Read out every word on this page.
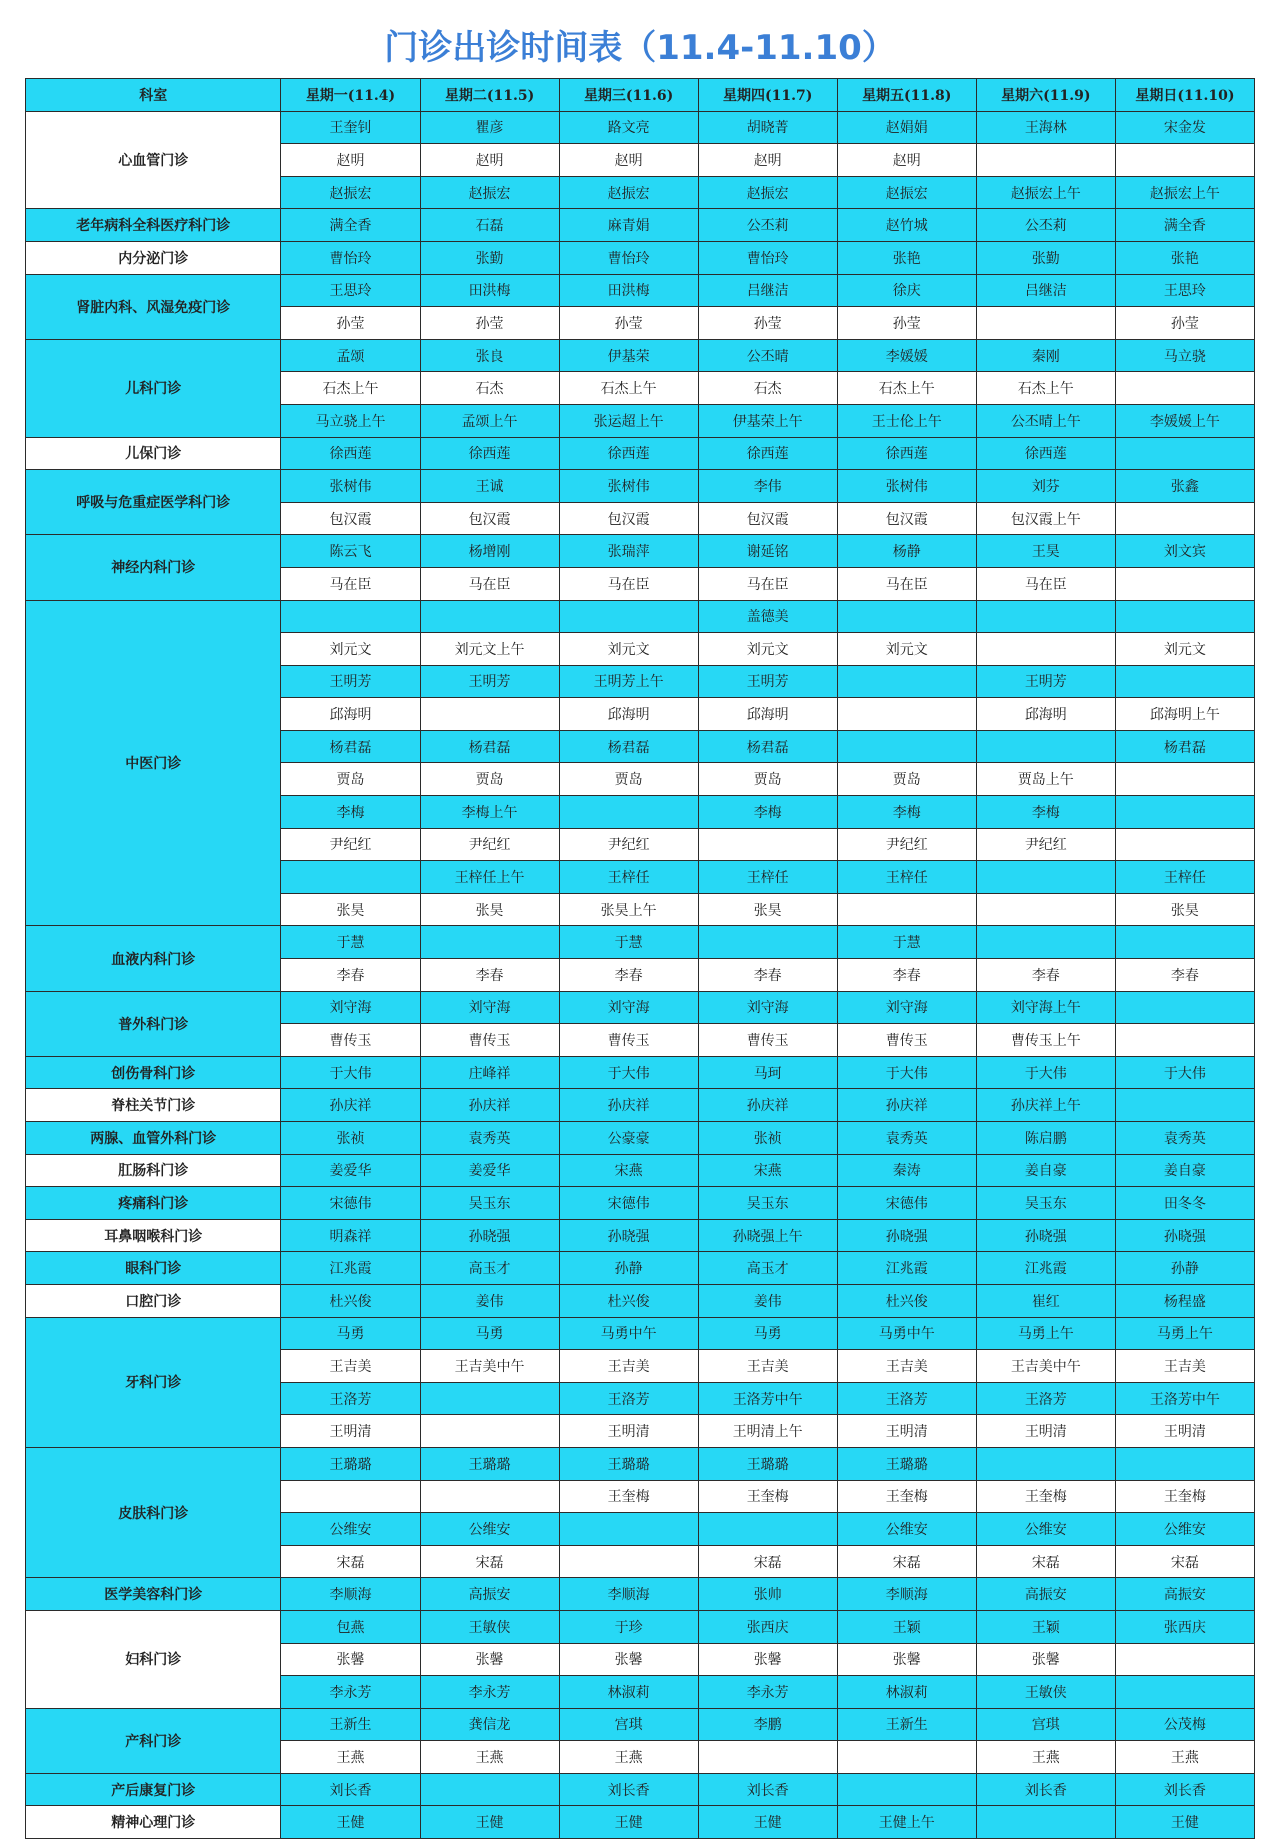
门诊出诊时间表（11.4-11.10）
科室	星期一(11.4)	星期二(11.5)	星期三(11.6)	星期四(11.7)	星期五(11.8)	星期六(11.9)	星期日(11.10)
心血管门诊	王奎钊	瞿彦	路文亮	胡晓菁	赵娟娟	王海林	宋金发
	赵明	赵明	赵明	赵明	赵明		
	赵振宏	赵振宏	赵振宏	赵振宏	赵振宏	赵振宏上午	赵振宏上午
老年病科全科医疗科门诊	满全香	石磊	麻青娟	公丕莉	赵竹城	公丕莉	满全香
内分泌门诊	曹怡玲	张勤	曹怡玲	曹怡玲	张艳	张勤	张艳
肾脏内科、风湿免疫门诊	王思玲	田洪梅	田洪梅	吕继洁	徐庆	吕继洁	王思玲
	孙莹	孙莹	孙莹	孙莹	孙莹		孙莹
儿科门诊	孟颂	张良	伊基荣	公丕晴	李媛媛	秦刚	马立骁
	石杰上午	石杰	石杰上午	石杰	石杰上午	石杰上午	
	马立骁上午	孟颂上午	张运超上午	伊基荣上午	王士伦上午	公丕晴上午	李媛媛上午
儿保门诊	徐西莲	徐西莲	徐西莲	徐西莲	徐西莲	徐西莲	
呼吸与危重症医学科门诊	张树伟	王诚	张树伟	李伟	张树伟	刘芬	张鑫
	包汉霞	包汉霞	包汉霞	包汉霞	包汉霞	包汉霞上午	
神经内科门诊	陈云飞	杨增刚	张瑞萍	谢延铭	杨静	王昊	刘文宾
	马在臣	马在臣	马在臣	马在臣	马在臣	马在臣	
中医门诊				盖德美			
	刘元文	刘元文上午	刘元文	刘元文	刘元文		刘元文
	王明芳	王明芳	王明芳上午	王明芳		王明芳	
	邱海明		邱海明	邱海明		邱海明	邱海明上午
	杨君磊	杨君磊	杨君磊	杨君磊			杨君磊
	贾岛	贾岛	贾岛	贾岛	贾岛	贾岛上午	
	李梅	李梅上午		李梅	李梅	李梅	
	尹纪红	尹纪红	尹纪红		尹纪红	尹纪红	
		王梓任上午	王梓任	王梓任	王梓任		王梓任
	张昊	张昊	张昊上午	张昊			张昊
血液内科门诊	于慧		于慧		于慧		
	李春	李春	李春	李春	李春	李春	李春
普外科门诊	刘守海	刘守海	刘守海	刘守海	刘守海	刘守海上午	
	曹传玉	曹传玉	曹传玉	曹传玉	曹传玉	曹传玉上午	
创伤骨科门诊	于大伟	庄峰祥	于大伟	马珂	于大伟	于大伟	于大伟
脊柱关节门诊	孙庆祥	孙庆祥	孙庆祥	孙庆祥	孙庆祥	孙庆祥上午	
两腺、血管外科门诊	张祯	袁秀英	公豪豪	张祯	袁秀英	陈启鹏	袁秀英
肛肠科门诊	姜爱华	姜爱华	宋燕	宋燕	秦涛	姜自豪	姜自豪
疼痛科门诊	宋德伟	吴玉东	宋德伟	吴玉东	宋德伟	吴玉东	田冬冬
耳鼻咽喉科门诊	明森祥	孙晓强	孙晓强	孙晓强上午	孙晓强	孙晓强	孙晓强
眼科门诊	江兆霞	高玉才	孙静	高玉才	江兆霞	江兆霞	孙静
口腔门诊	杜兴俊	姜伟	杜兴俊	姜伟	杜兴俊	崔红	杨程盛
牙科门诊	马勇	马勇	马勇中午	马勇	马勇中午	马勇上午	马勇上午
	王吉美	王吉美中午	王吉美	王吉美	王吉美	王吉美中午	王吉美
	王洛芳		王洛芳	王洛芳中午	王洛芳	王洛芳	王洛芳中午
	王明清		王明清	王明清上午	王明清	王明清	王明清
皮肤科门诊	王璐璐	王璐璐	王璐璐	王璐璐	王璐璐		
			王奎梅	王奎梅	王奎梅	王奎梅	王奎梅
	公维安	公维安			公维安	公维安	公维安
	宋磊	宋磊		宋磊	宋磊	宋磊	宋磊
医学美容科门诊	李顺海	高振安	李顺海	张帅	李顺海	高振安	高振安
妇科门诊	包燕	王敏侠	于珍	张西庆	王颖	王颖	张西庆
	张馨	张馨	张馨	张馨	张馨	张馨	
	李永芳	李永芳	林淑莉	李永芳	林淑莉	王敏侠	
产科门诊	王新生	龚信龙	宫琪	李鹏	王新生	宫琪	公茂梅
	王燕	王燕	王燕			王燕	王燕
产后康复门诊	刘长香		刘长香	刘长香		刘长香	刘长香
精神心理门诊	王健	王健	王健	王健	王健上午		王健
